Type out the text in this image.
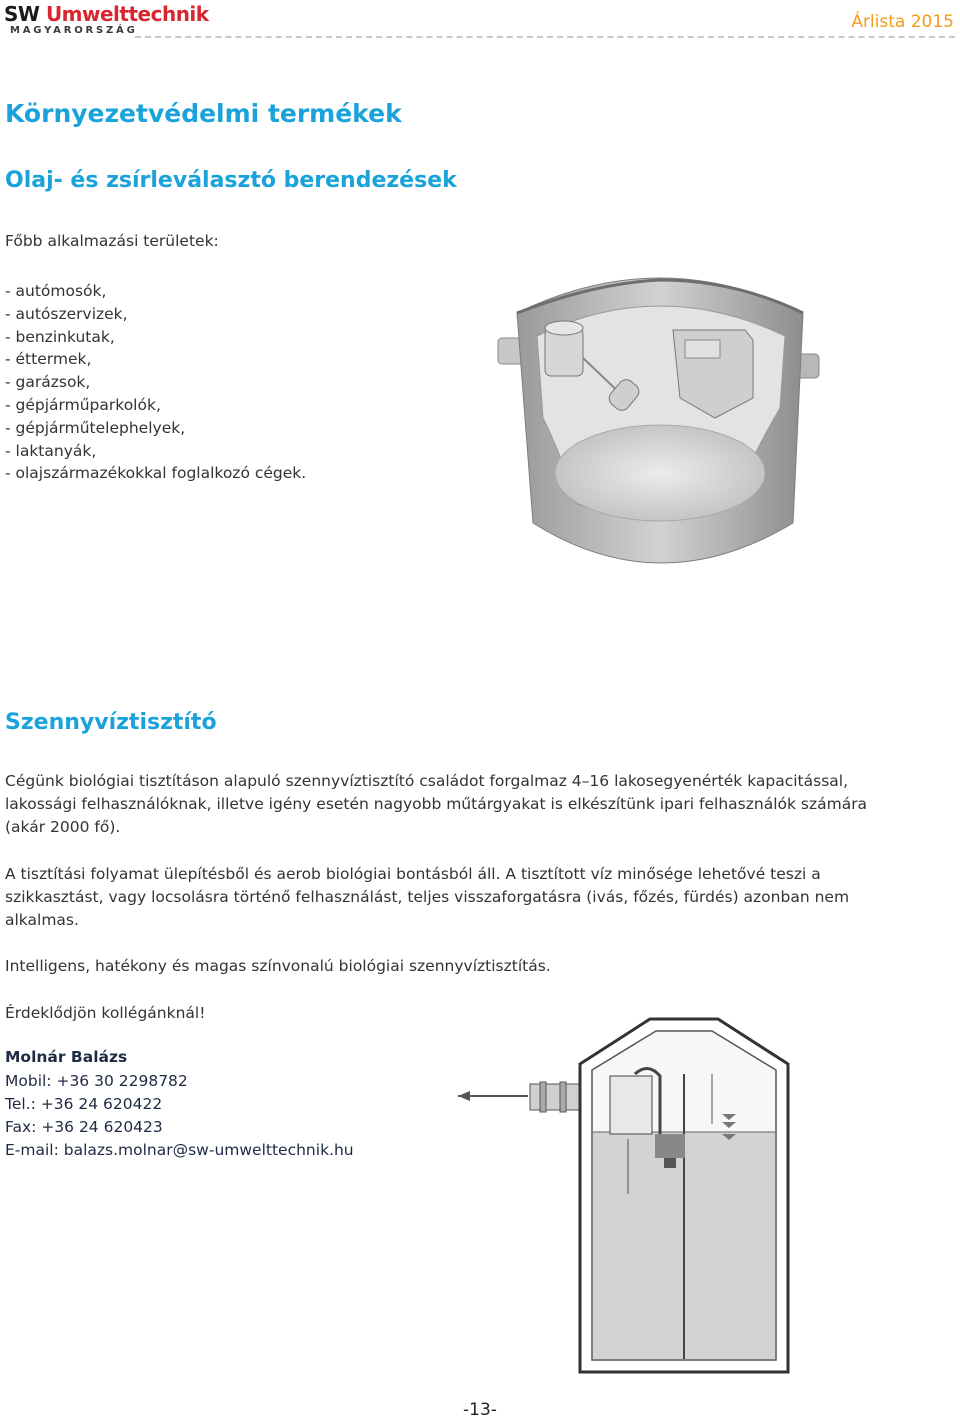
SW Umwelttechnik
MAGYARORSZÁG	Árlista 2015
Környezetvédelmi termékek
Olaj- és zsírleválasztó berendezések
Főbb alkalmazási területek:
- autómosók,
- autószervizek,
- benzinkutak,
- éttermek,
- garázsok,
- gépjárműparkolók,
- gépjárműtelephelyek,
- laktanyák,
- olajszármazékokkal foglalkozó cégek.
Szennyvíztisztító
Cégünk biológiai tisztításon alapuló szennyvíztisztító családot forgalmaz 4–16 lakosegyenérték kapacitással, lakossági felhasználóknak, illetve igény esetén nagyobb műtárgyakat is elkészítünk ipari felhasználók számára (akár 2000 fő).
A tisztítási folyamat ülepítésből és aerob biológiai bontásból áll. A tisztított víz minősége lehetővé teszi a szikkasztást, vagy locsolásra történő felhasználást, teljes visszaforgatásra (ivás, főzés, fürdés) azonban nem alkalmas.
Intelligens, hatékony és magas színvonalú biológiai szennyvíztisztítás.
Érdeklődjön kollégánknál!
Molnár Balázs
Mobil: +36 30 2298782
Tel.: +36 24 620422
Fax: +36 24 620423
E-mail: balazs.molnar@sw-umwelttechnik.hu
-13-
